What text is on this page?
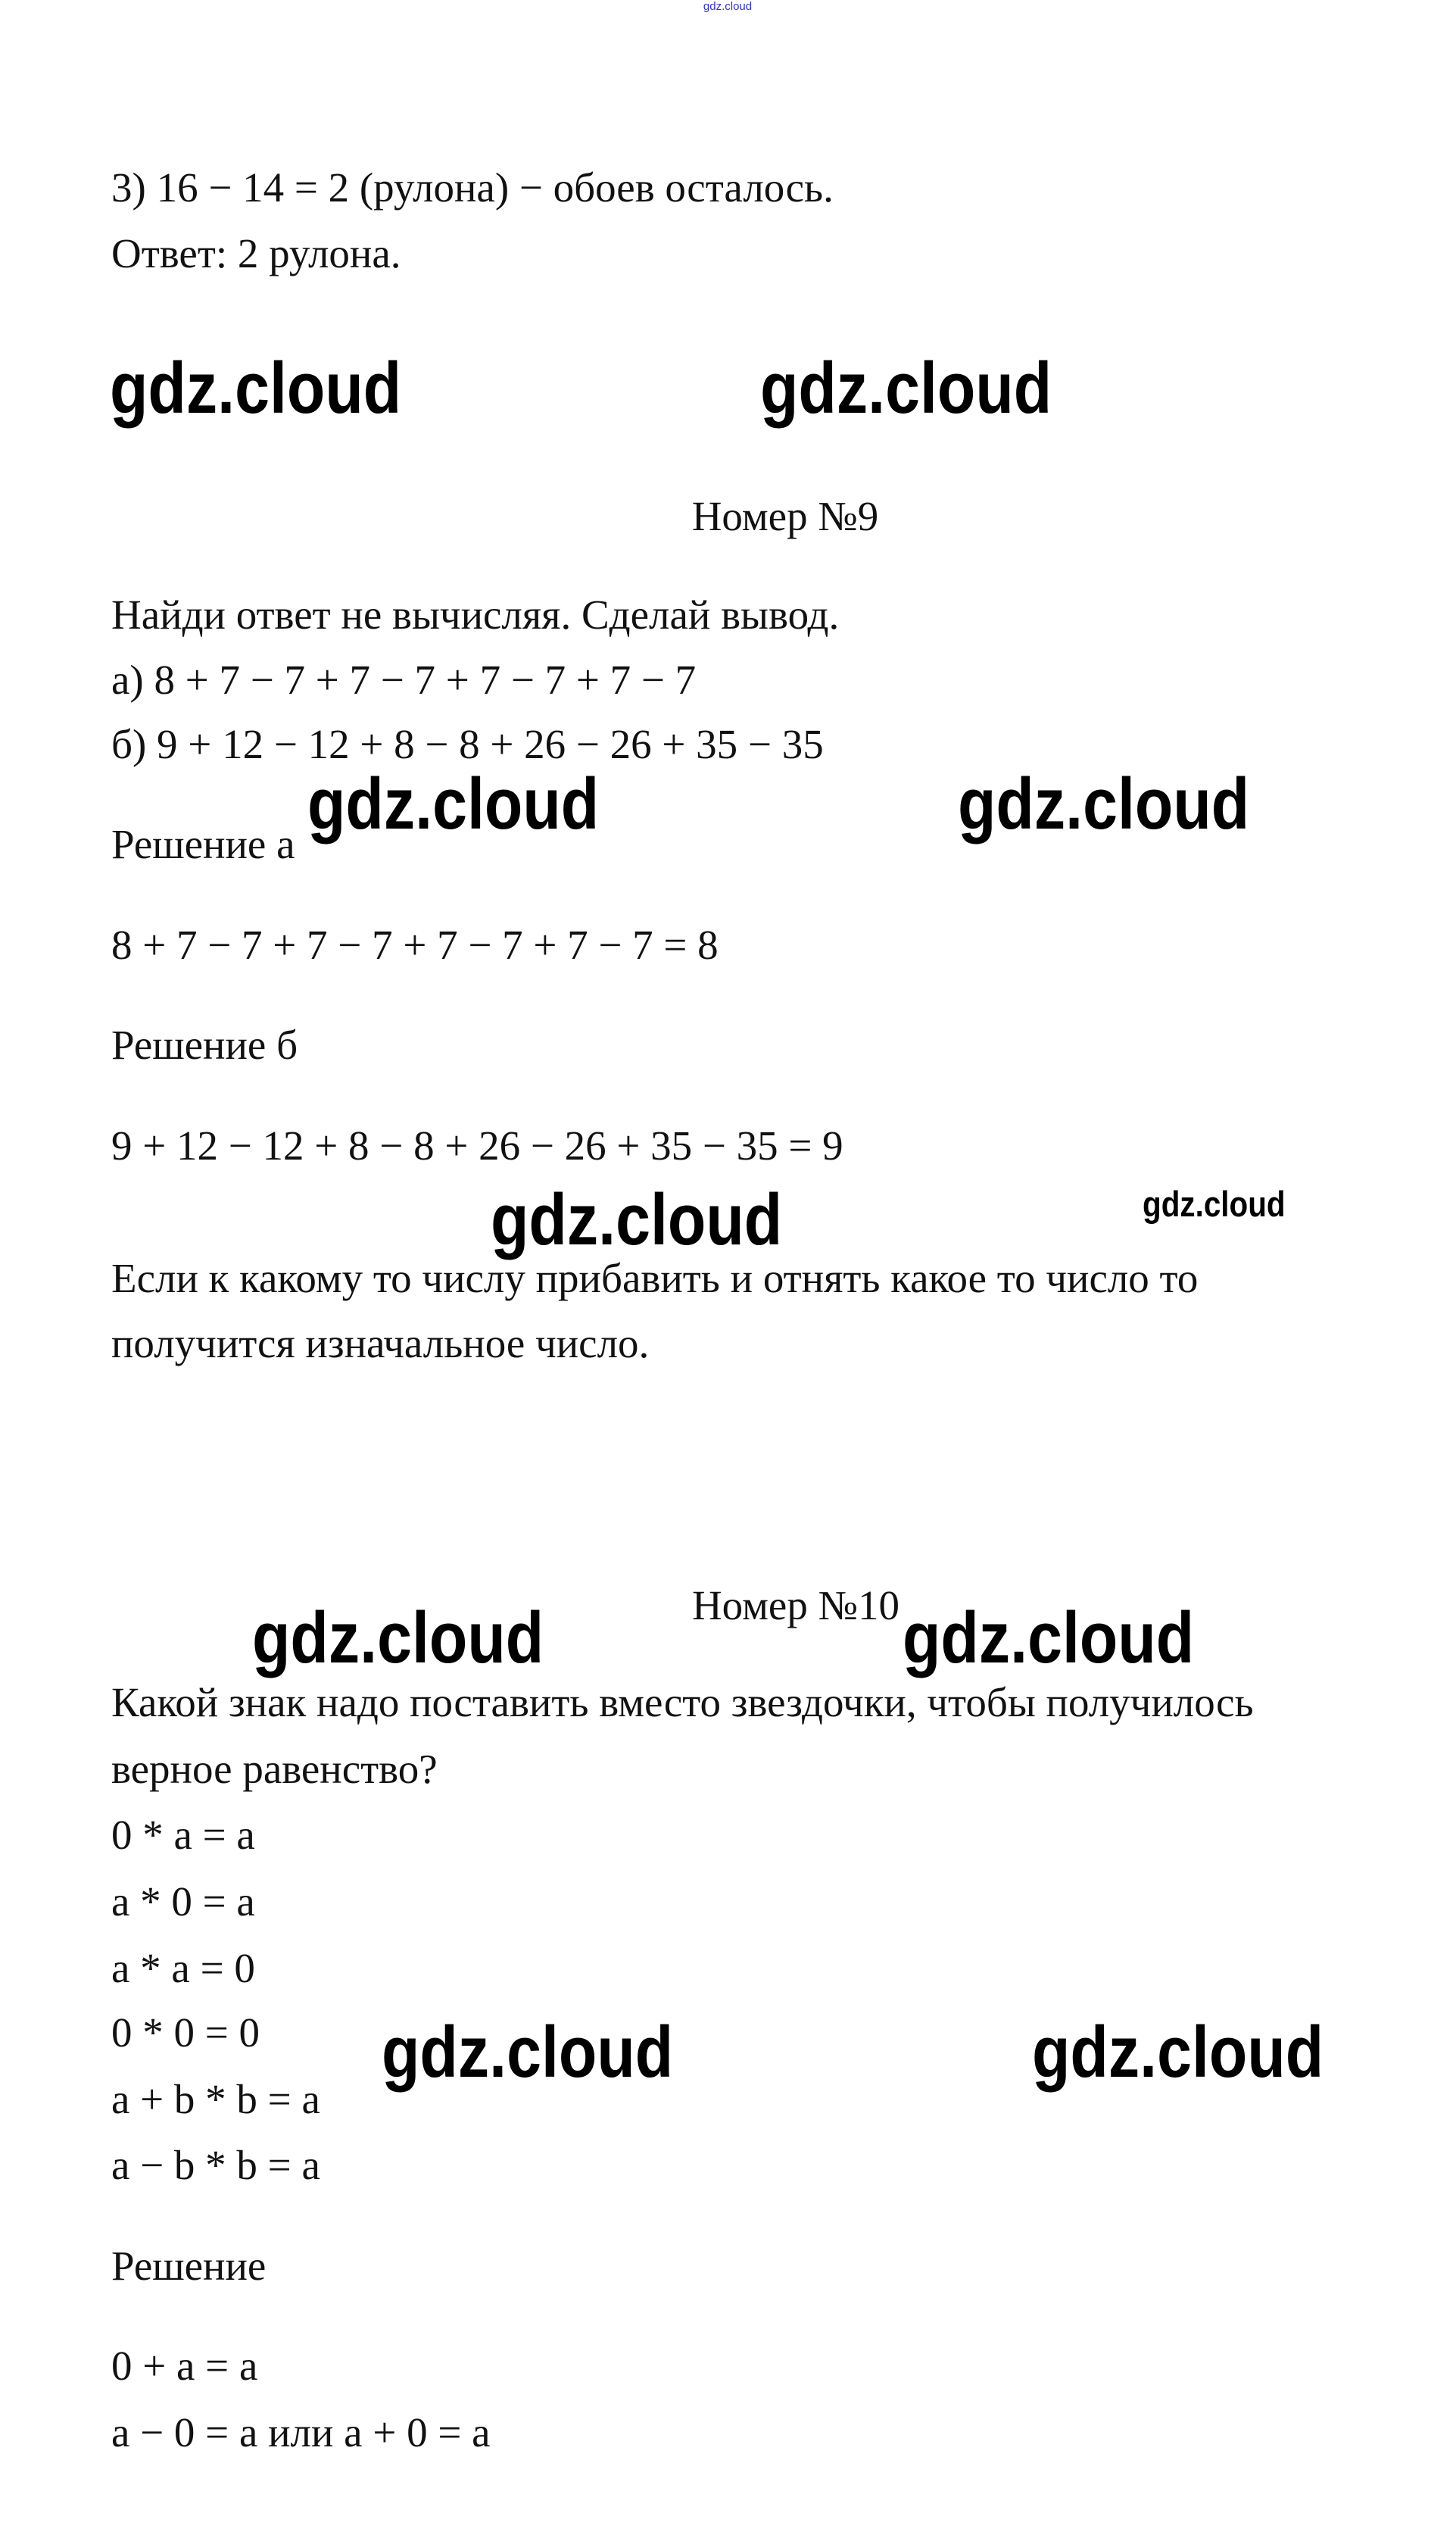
gdz.cloud
3) 16 − 14 = 2 (рулона) − обоев осталось.
Ответ: 2 рулона.
Номер №9
Найди ответ не вычисляя. Сделай вывод.
а) 8 + 7 − 7 + 7 − 7 + 7 − 7 + 7 − 7
б) 9 + 12 − 12 + 8 − 8 + 26 − 26 + 35 − 35
Решение а
8 + 7 − 7 + 7 − 7 + 7 − 7 + 7 − 7 = 8
Решение б
9 + 12 − 12 + 8 − 8 + 26 − 26 + 35 − 35 = 9
Если к какому то числу прибавить и отнять какое то число то
получится изначальное число.
Номер №10
Какой знак надо поставить вместо звездочки, чтобы получилось
верное равенство?
0 * a = a
a * 0 = a
a * a = 0
0 * 0 = 0
a + b * b = a
a − b * b = a
Решение
0 + a = a
a − 0 = a или a + 0 = a
gdz.cloud	gdz.cloud
gdz.cloud	gdz.cloud
gdz.cloud	gdz.cloud
gdz.cloud	gdz.cloud
gdz.cloud	gdz.cloud
